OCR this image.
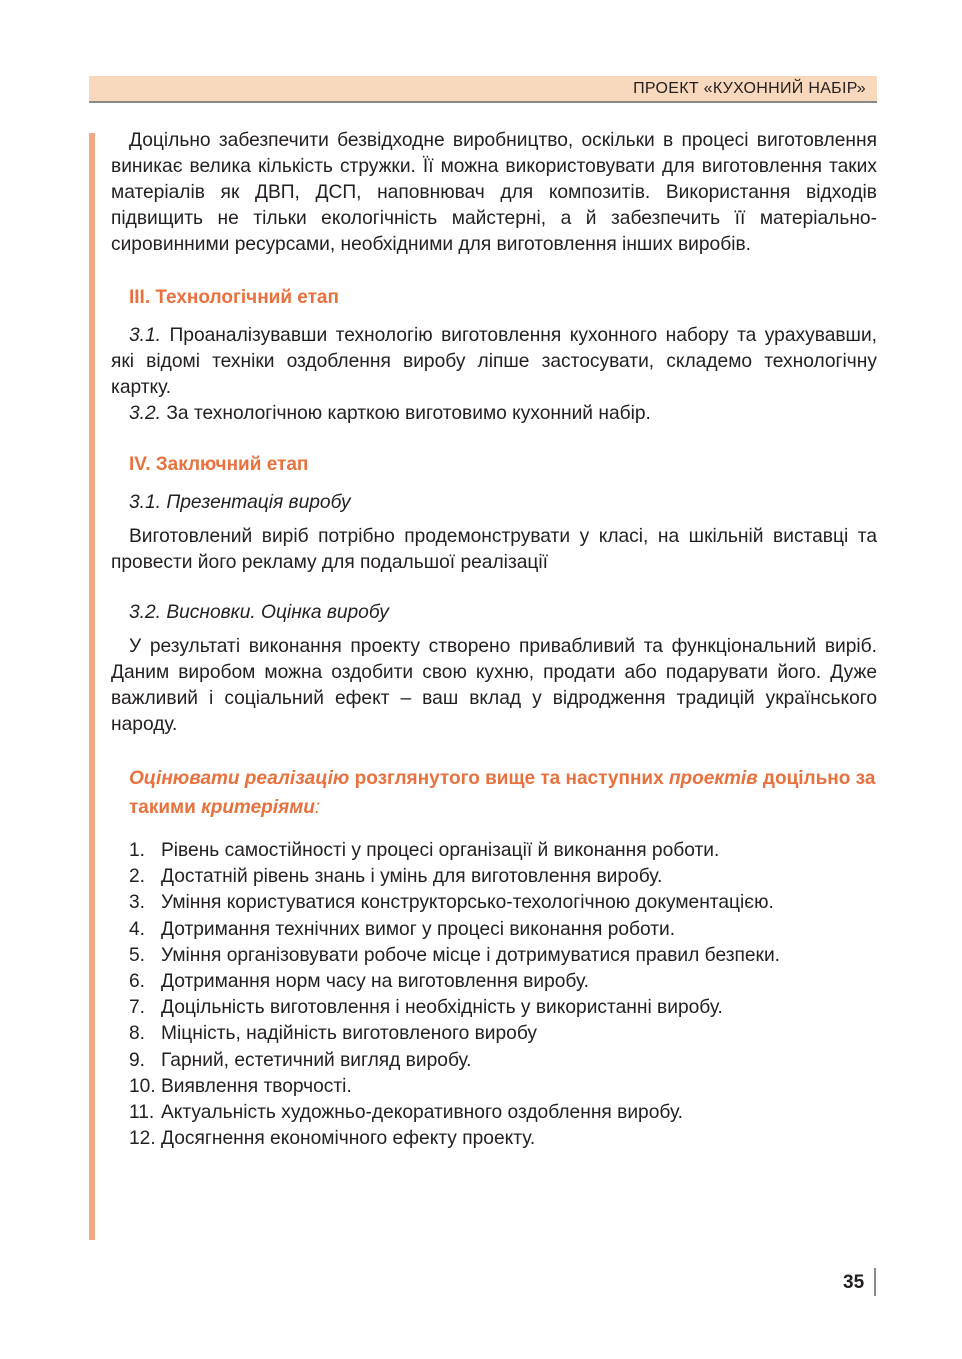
ПРОЕКТ «КУХОННИЙ НАБІР»

Доцільно забезпечити безвідходне виробництво, оскільки в процесі виготовлення виникає велика кількість стружки. Її можна використовувати для виготовлення таких матеріалів як ДВП, ДСП, наповнювач для композитів. Використання відходів підвищить не тільки екологічність майстерні, а й забезпечить її матеріально-сировинними ресурсами, необхідними для виготовлення інших виробів.

ІІІ. Технологічний етап

3.1. Проаналізувавши технологію виготовлення кухонного набору та урахувавши, які відомі техніки оздоблення виробу ліпше застосувати, складемо технологічну картку.

3.2. За технологічною карткою виготовимо кухонний набір.

IV. Заключний етап

3.1. Презентація виробу

Виготовлений виріб потрібно продемонструвати у класі, на шкільній виставці та провести його рекламу для подальшої реалізації

3.2. Висновки. Оцінка виробу

У результаті виконання проекту створено привабливий та функціональний виріб. Даним виробом можна оздобити свою кухню, продати або подарувати його. Дуже важливий і соціальний ефект – ваш вклад у відродження традицій українського народу.

Оцінювати реалізацію розглянутого вище та наступних проектів доцільно за такими критеріями:
1. Рівень самостійності у процесі організації й виконання роботи.
2. Достатній рівень знань і умінь для виготовлення виробу.
3. Уміння користуватися конструкторсько-техологічною документацією.
4. Дотримання технічних вимог у процесі виконання роботи.
5. Уміння організовувати робоче місце і дотримуватися правил безпеки.
6. Дотримання норм часу на виготовлення виробу.
7. Доцільність виготовлення і необхідність у використанні виробу.
8. Міцність, надійність виготовленого виробу
9. Гарний, естетичний вигляд виробу.
10. Виявлення творчості.
11. Актуальність художньо-декоративного оздоблення виробу.
12. Досягнення економічного ефекту проекту.
35
